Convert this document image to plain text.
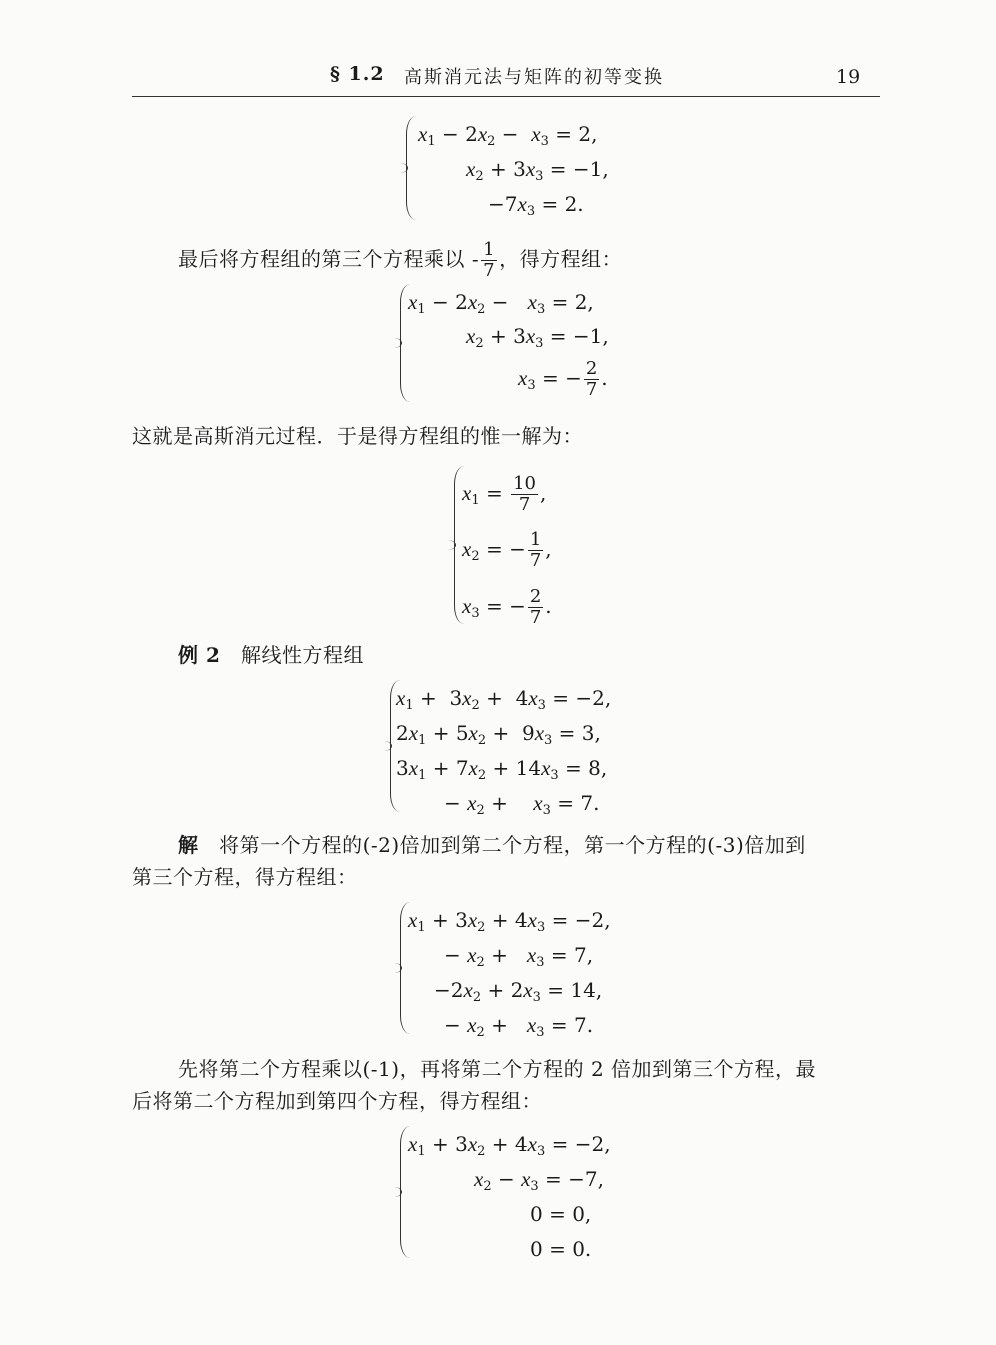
§ 1.2 高斯消元法与矩阵的初等变换	19
$x_1 - 2x_2 - x_3 = 2$,
$x_2 + 3x_3 = -1$,
$-7x_3 = 2$.
最后将方程组的第三个方程乘以 - $\frac{1}{7}$ ，得方程组：
$x_1 - 2x_2 - x_3 = 2$,
$x_2 + 3x_3 = -1$,
$x_3$ = − $\frac{2}{7}$ .
这就是高斯消元过程．于是得方程组的惟一解为：
$x_1 = \frac{10}{7}$ ,
$x_2$ = − $\frac{1}{7}$ ,
$x_3$ = − $\frac{2}{7}$ .
例 2 解线性方程组
$x_1 + 3x_2 + 4x_3 = -2$,
$2x_1 + 5x_2 + 9x_3 = 3$,
$3x_1 + 7x_2 + 14x_3 = 8$,
− $x_2$ +    $x_3 = 7$.
解 将第一个方程的(-2)倍加到第二个方程，第一个方程的(-3)倍加到
第三个方程，得方程组：
$x_1 + 3x_2 + 4x_3 = -2$,
− $x_2 + x_3 = 7$,
$-2x_2 + 2x_3 = 14$,
− $x_2 + x_3 = 7$.
先将第二个方程乘以(-1)，再将第二个方程的 2 倍加到第三个方程，最
后将第二个方程加到第四个方程，得方程组：
$x_1 + 3x_2 + 4x_3 = -2$,
$x_2 - x_3 = -7$,
0 = 0,
0 = 0.
